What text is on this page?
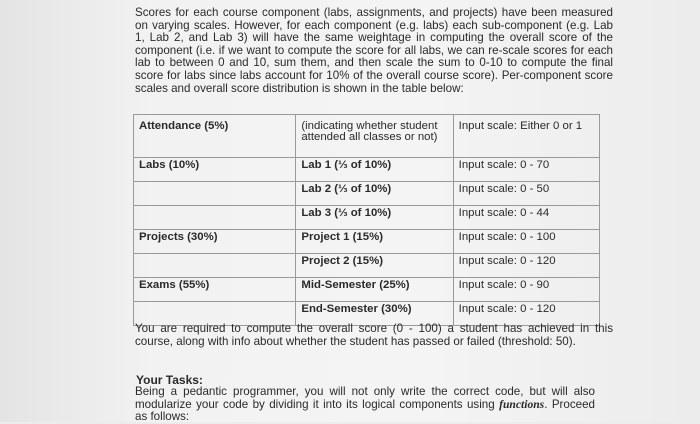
Scores for each course component (labs, assignments, and projects) have been measured on varying scales. However, for each component (e.g. labs) each sub-component (e.g. Lab 1, Lab 2, and Lab 3) will have the same weightage in computing the overall score of the component (i.e. if we want to compute the score for all labs, we can re-scale scores for each lab to between 0 and 10, sum them, and then scale the sum to 0-10 to compute the final score for labs since labs account for 10% of the overall course score). Per-component score scales and overall score distribution is shown in the table below:
Attendance (5%)	(indicating whether student attended all classes or not)	Input scale: Either 0 or 1
Labs (10%)	Lab 1 (⅓ of 10%)	Input scale: 0 - 70
	Lab 2 (⅓ of 10%)	Input scale: 0 - 50
	Lab 3 (⅓ of 10%)	Input scale: 0 - 44
Projects (30%)	Project 1 (15%)	Input scale: 0 - 100
	Project 2 (15%)	Input scale: 0 - 120
Exams (55%)	Mid-Semester (25%)	Input scale: 0 - 90
	End-Semester (30%)	Input scale: 0 - 120
You are required to compute the overall score (0 - 100) a student has achieved in this course, along with info about whether the student has passed or failed (threshold: 50).
Your Tasks:
Being a pedantic programmer, you will not only write the correct code, but will also modularize your code by dividing it into its logical components using functions. Proceed as follows:
